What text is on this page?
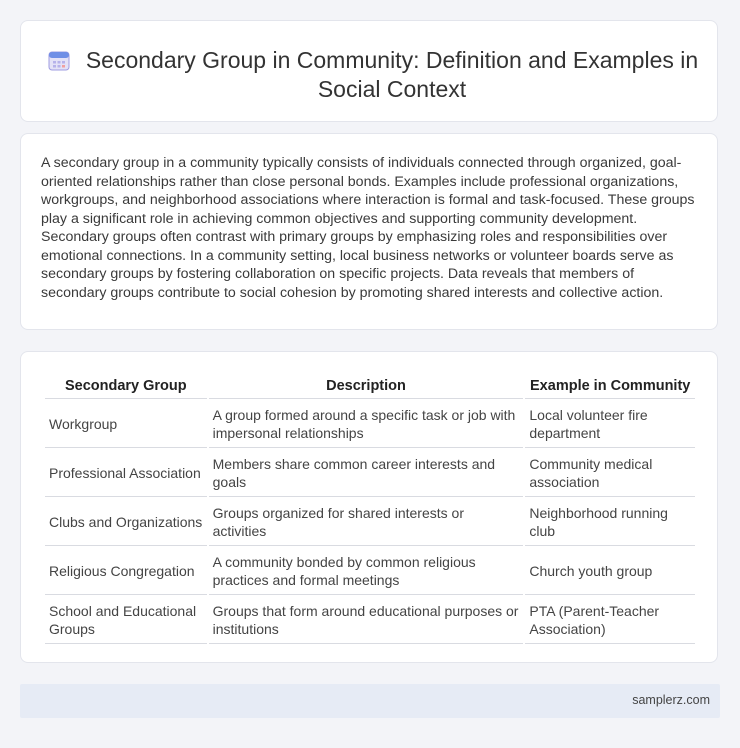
Secondary Group in Community: Definition and Examples in Social Context

A secondary group in a community typically consists of individuals connected through organized, goal-oriented relationships rather than close personal bonds. Examples include professional organizations, workgroups, and neighborhood associations where interaction is formal and task-focused. These groups play a significant role in achieving common objectives and supporting community development. Secondary groups often contrast with primary groups by emphasizing roles and responsibilities over emotional connections. In a community setting, local business networks or volunteer boards serve as secondary groups by fostering collaboration on specific projects. Data reveals that members of secondary groups contribute to social cohesion by promoting shared interests and collective action.

Secondary Group	Description	Example in Community
Workgroup	A group formed around a specific task or job with impersonal relationships	Local volunteer fire department
Professional Association	Members share common career interests and goals	Community medical association
Clubs and Organizations	Groups organized for shared interests or activities	Neighborhood running club
Religious Congregation	A community bonded by common religious practices and formal meetings	Church youth group
School and Educational Groups	Groups that form around educational purposes or institutions	PTA (Parent-Teacher Association)
samplerz.com
